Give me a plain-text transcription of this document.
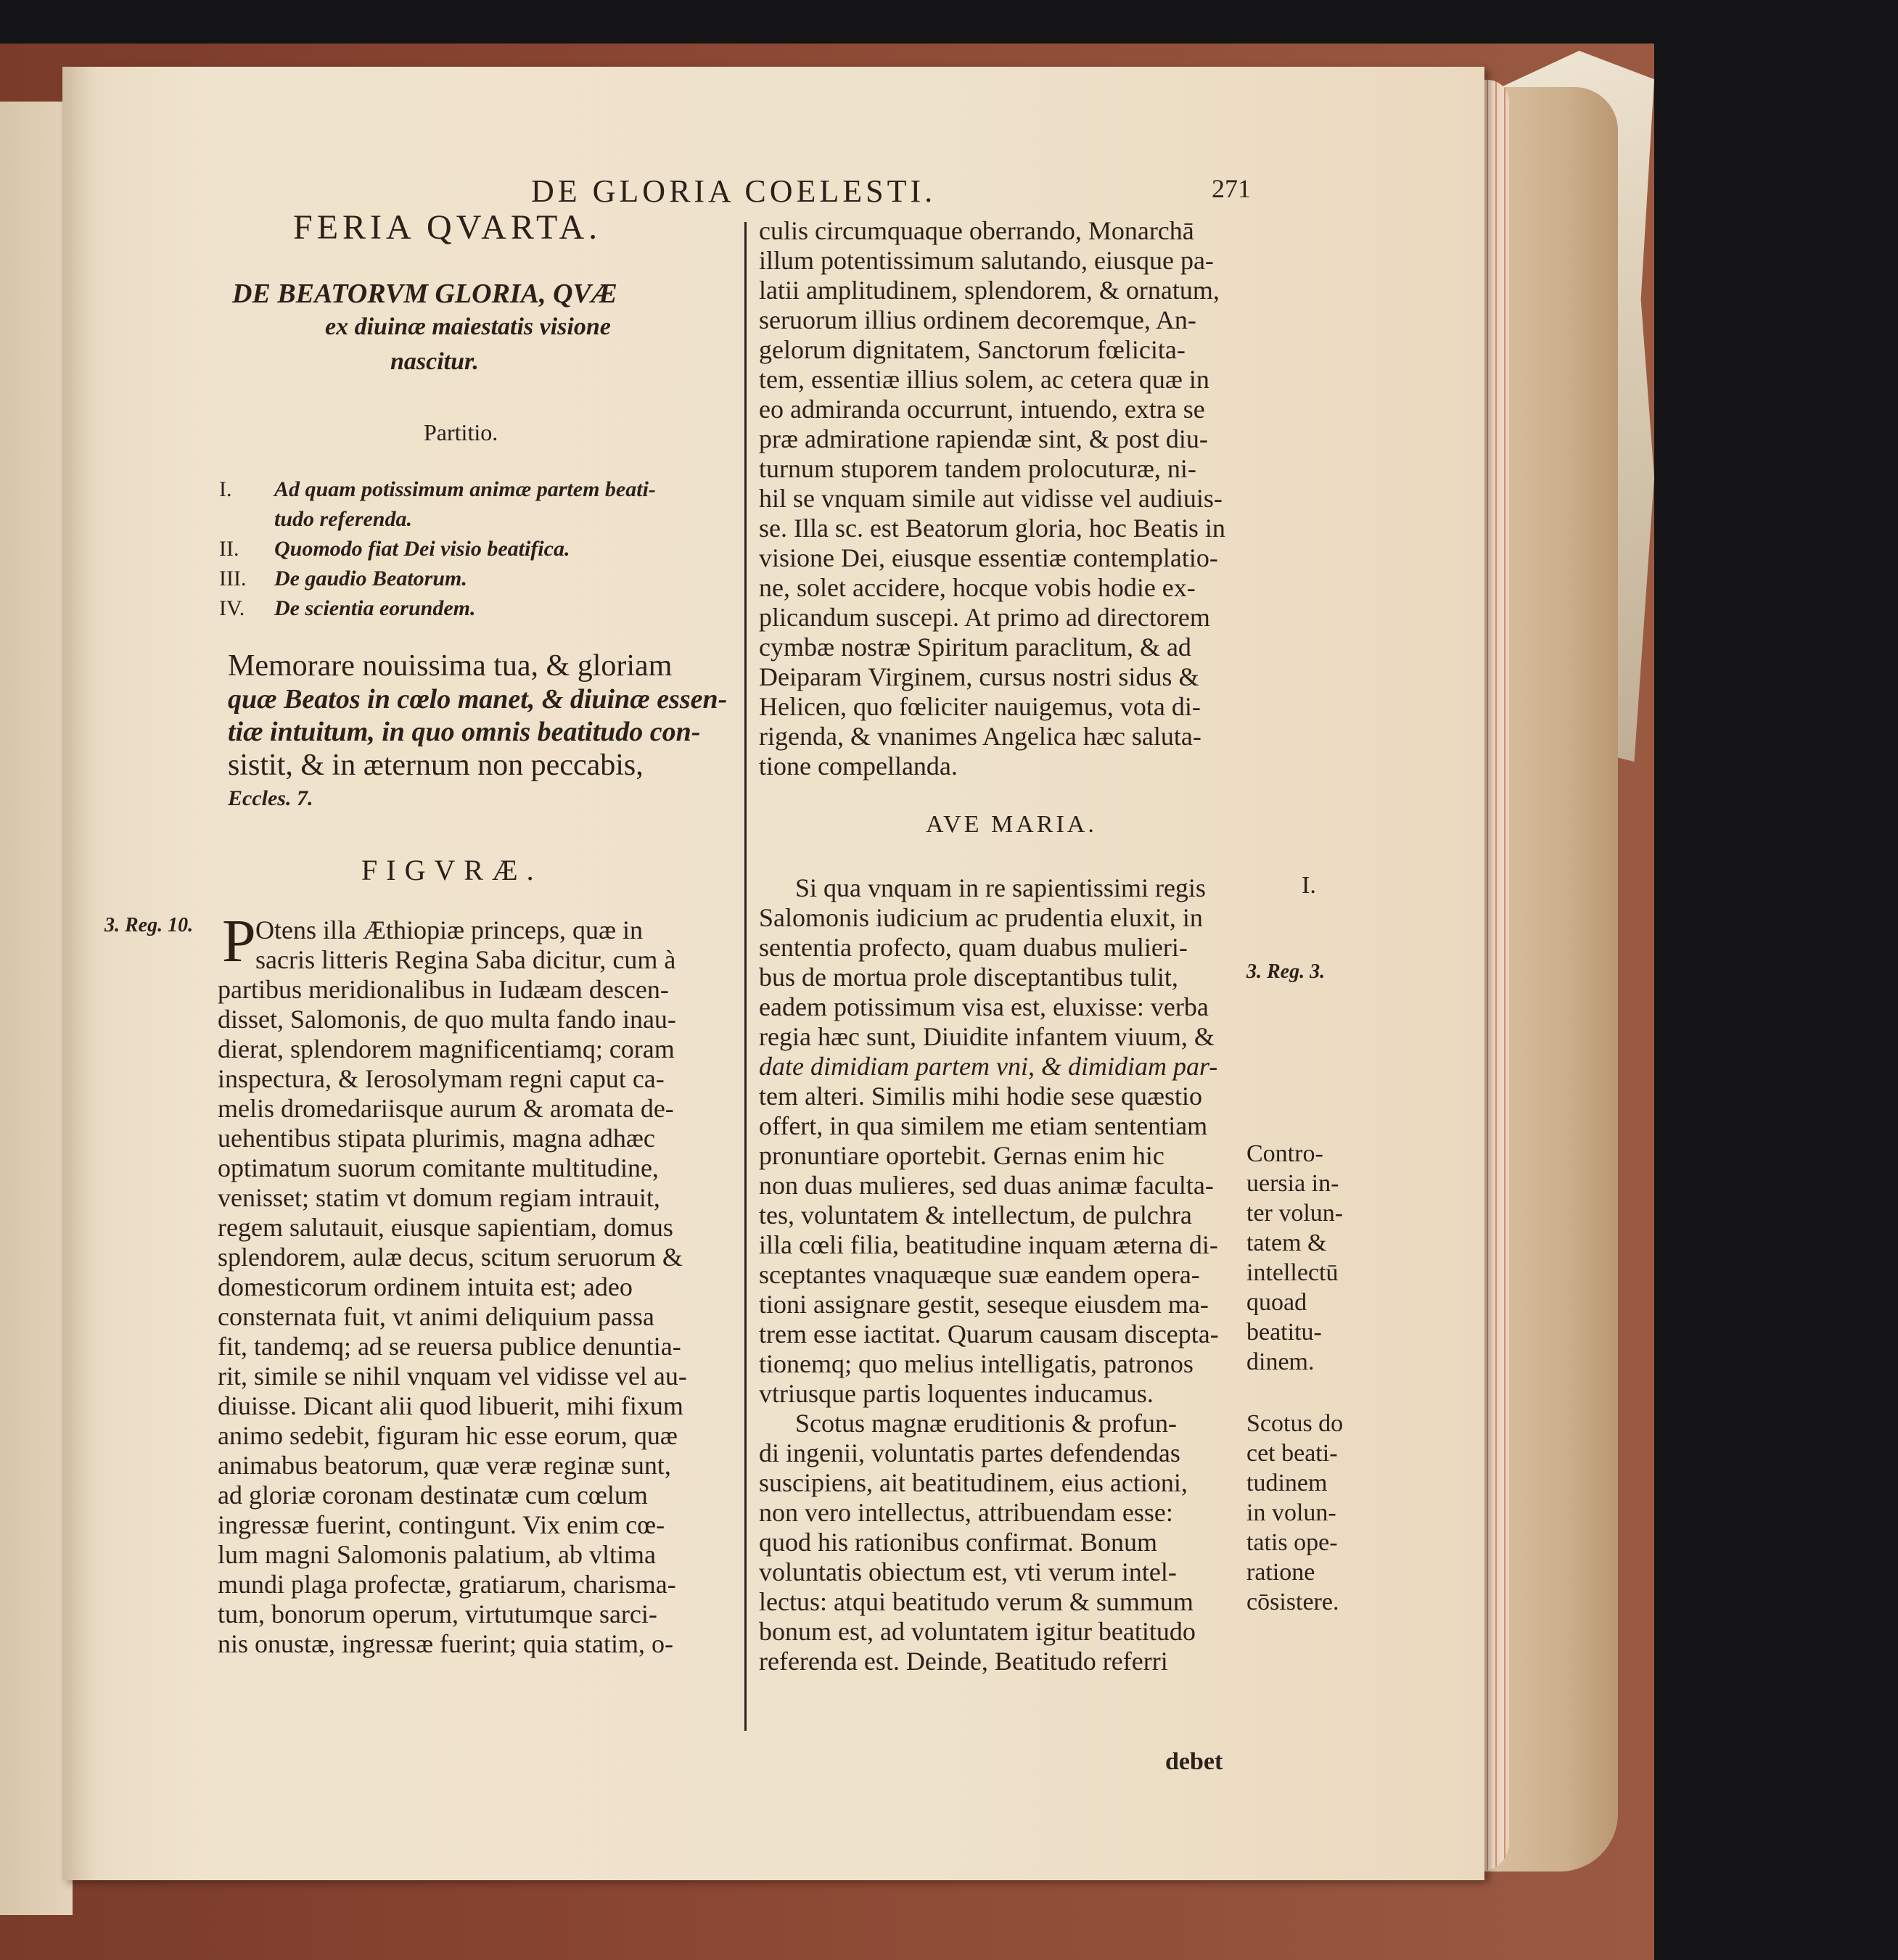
DE GLORIA COELESTI.	271
FERIA QVARTA.
DE BEATORVM GLORIA, QVÆ
ex diuinæ maiestatis visione
nascitur.
Partitio.
I. Ad quam potissimum animæ partem beati-
tudo referenda.
II. Quomodo fiat Dei visio beatifica.
III. De gaudio Beatorum.
IV. De scientia eorundem.
Memorare nouissima tua, & gloriam
quæ Beatos in cœlo manet, & diuinæ essen-
tiæ intuitum, in quo omnis beatitudo con-
sistit, & in æternum non peccabis,
Eccles. 7.
FIGVRÆ.
3. Reg. 10. P Otens illa Æthiopiæ princeps, quæ in
sacris litteris Regina Saba dicitur, cum à
partibus meridionalibus in Iudæam descen-
disset, Salomonis, de quo multa fando inau-
dierat, splendorem magnificentiamq; coram
inspectura, & Ierosolymam regni caput ca-
melis dromedariisque aurum & aromata de-
uehentibus stipata plurimis, magna adhæc
optimatum suorum comitante multitudine,
venisset; statim vt domum regiam intrauit,
regem salutauit, eiusque sapientiam, domus
splendorem, aulæ decus, scitum seruorum &
domesticorum ordinem intuita est; adeo
consternata fuit, vt animi deliquium passa
fit, tandemq; ad se reuersa publice denuntia-
rit, simile se nihil vnquam vel vidisse vel au-
diuisse. Dicant alii quod libuerit, mihi fixum
animo sedebit, figuram hic esse eorum, quæ
animabus beatorum, quæ veræ reginæ sunt,
ad gloriæ coronam destinatæ cum cœlum
ingressæ fuerint, contingunt. Vix enim cœ-
lum magni Salomonis palatium, ab vltima
mundi plaga profectæ, gratiarum, charisma-
tum, bonorum operum, virtutumque sarci-
nis onustæ, ingressæ fuerint; quia statim, o-
culis circumquaque oberrando, Monarchā
illum potentissimum salutando, eiusque pa-
latii amplitudinem, splendorem, & ornatum,
seruorum illius ordinem decoremque, An-
gelorum dignitatem, Sanctorum fœlicita-
tem, essentiæ illius solem, ac cetera quæ in
eo admiranda occurrunt, intuendo, extra se
præ admiratione rapiendæ sint, & post diu-
turnum stuporem tandem prolocuturæ, ni-
hil se vnquam simile aut vidisse vel audiuis-
se. Illa sc. est Beatorum gloria, hoc Beatis in
visione Dei, eiusque essentiæ contemplatio-
ne, solet accidere, hocque vobis hodie ex-
plicandum suscepi. At primo ad directorem
cymbæ nostræ Spiritum paraclitum, & ad
Deiparam Virginem, cursus nostri sidus &
Helicen, quo fœliciter nauigemus, vota di-
rigenda, & vnanimes Angelica hæc saluta-
tione compellanda.
AVE MARIA.
Si qua vnquam in re sapientissimi regis
Salomonis iudicium ac prudentia eluxit, in
sententia profecto, quam duabus mulieri-
bus de mortua prole disceptantibus tulit,
eadem potissimum visa est, eluxisse: verba
regia hæc sunt, Diuidite infantem viuum, &
date dimidiam partem vni, & dimidiam par-
tem alteri. Similis mihi hodie sese quæstio
offert, in qua similem me etiam sententiam
pronuntiare oportebit. Gernas enim hic
non duas mulieres, sed duas animæ faculta-
tes, voluntatem & intellectum, de pulchra
illa cœli filia, beatitudine inquam æterna di-
sceptantes vnaquæque suæ eandem opera-
tioni assignare gestit, seseque eiusdem ma-
trem esse iactitat. Quarum causam discepta-
tionemq; quo melius intelligatis, patronos
vtriusque partis loquentes inducamus.
Scotus magnæ eruditionis & profun-
di ingenii, voluntatis partes defendendas
suscipiens, ait beatitudinem, eius actioni,
non vero intellectus, attribuendam esse:
quod his rationibus confirmat. Bonum
voluntatis obiectum est, vti verum intel-
lectus: atqui beatitudo verum & summum
bonum est, ad voluntatem igitur beatitudo
referenda est. Deinde, Beatitudo referri
debet
I.
3. Reg. 3.
Contro-
uersia in-
ter volun-
tatem &
intellectū
quoad
beatitu-
dinem.
Scotus do
cet beati-
tudinem
in volun-
tatis ope-
ratione
cōsistere.
